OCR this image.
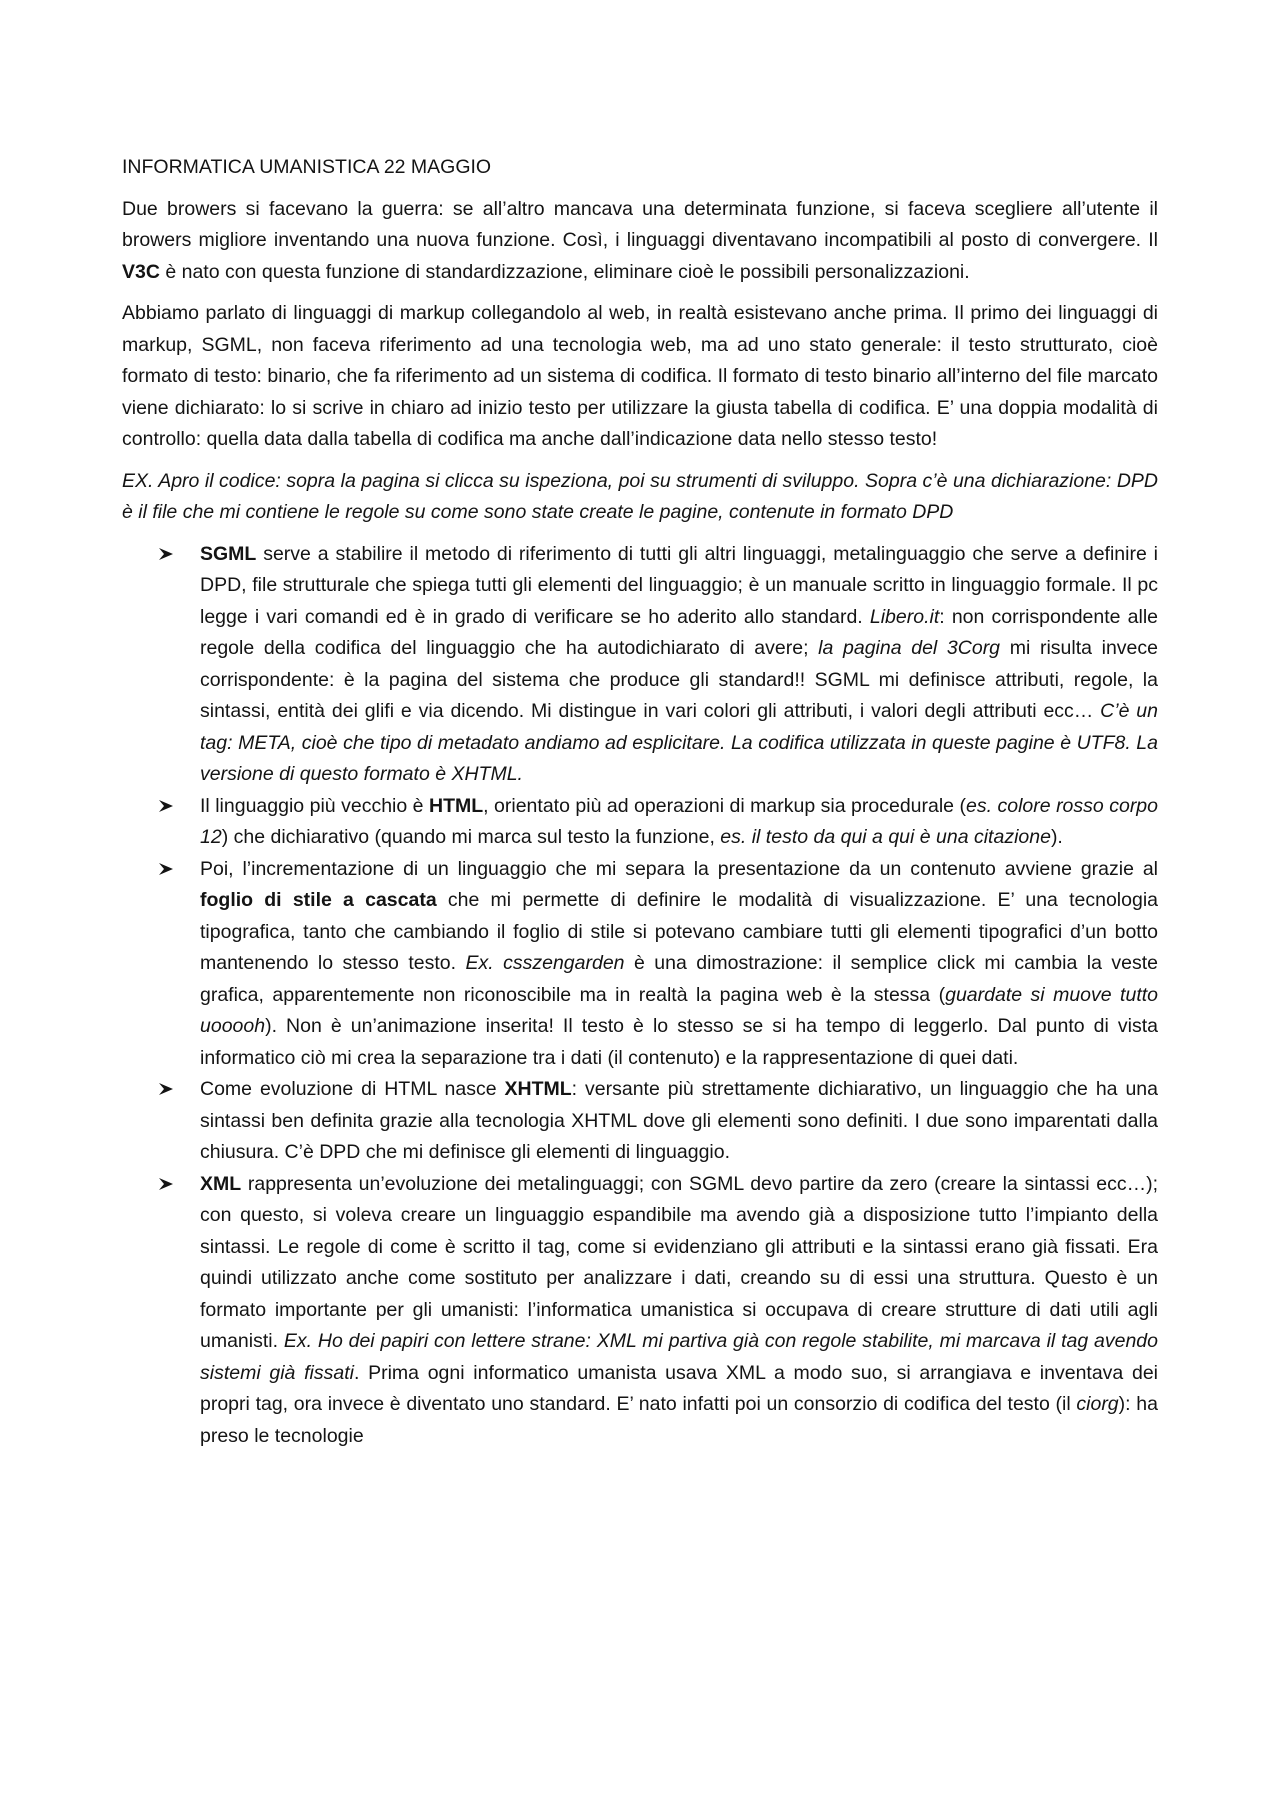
INFORMATICA UMANISTICA 22 MAGGIO

Due browers si facevano la guerra: se all’altro mancava una determinata funzione, si faceva scegliere all’utente il browers migliore inventando una nuova funzione. Così, i linguaggi diventavano incompatibili al posto di convergere. Il V3C è nato con questa funzione di standardizzazione, eliminare cioè le possibili personalizzazioni.

Abbiamo parlato di linguaggi di markup collegandolo al web, in realtà esistevano anche prima. Il primo dei linguaggi di markup, SGML, non faceva riferimento ad una tecnologia web, ma ad uno stato generale: il testo strutturato, cioè formato di testo: binario, che fa riferimento ad un sistema di codifica. Il formato di testo binario all’interno del file marcato viene dichiarato: lo si scrive in chiaro ad inizio testo per utilizzare la giusta tabella di codifica. E’ una doppia modalità di controllo: quella data dalla tabella di codifica ma anche dall’indicazione data nello stesso testo!

EX. Apro il codice: sopra la pagina si clicca su ispeziona, poi su strumenti di sviluppo. Sopra c’è una dichiarazione: DPD è il file che mi contiene le regole su come sono state create le pagine, contenute in formato DPD

SGML serve a stabilire il metodo di riferimento di tutti gli altri linguaggi, metalinguaggio che serve a definire i DPD, file strutturale che spiega tutti gli elementi del linguaggio; è un manuale scritto in linguaggio formale. Il pc legge i vari comandi ed è in grado di verificare se ho aderito allo standard. Libero.it: non corrispondente alle regole della codifica del linguaggio che ha autodichiarato di avere; la pagina del 3Corg mi risulta invece corrispondente: è la pagina del sistema che produce gli standard!! SGML mi definisce attributi, regole, la sintassi, entità dei glifi e via dicendo. Mi distingue in vari colori gli attributi, i valori degli attributi ecc… C’è un tag: META, cioè che tipo di metadato andiamo ad esplicitare. La codifica utilizzata in queste pagine è UTF8. La versione di questo formato è XHTML.
Il linguaggio più vecchio è HTML, orientato più ad operazioni di markup sia procedurale (es. colore rosso corpo 12) che dichiarativo (quando mi marca sul testo la funzione, es. il testo da qui a qui è una citazione).
Poi, l’incrementazione di un linguaggio che mi separa la presentazione da un contenuto avviene grazie al foglio di stile a cascata che mi permette di definire le modalità di visualizzazione. E’ una tecnologia tipografica, tanto che cambiando il foglio di stile si potevano cambiare tutti gli elementi tipografici d’un botto mantenendo lo stesso testo. Ex. csszengarden è una dimostrazione: il semplice click mi cambia la veste grafica, apparentemente non riconoscibile ma in realtà la pagina web è la stessa (guardate si muove tutto uooooh). Non è un’animazione inserita! Il testo è lo stesso se si ha tempo di leggerlo. Dal punto di vista informatico ciò mi crea la separazione tra i dati (il contenuto) e la rappresentazione di quei dati.
Come evoluzione di HTML nasce XHTML: versante più strettamente dichiarativo, un linguaggio che ha una sintassi ben definita grazie alla tecnologia XHTML dove gli elementi sono definiti. I due sono imparentati dalla chiusura. C’è DPD che mi definisce gli elementi di linguaggio.
XML rappresenta un’evoluzione dei metalinguaggi; con SGML devo partire da zero (creare la sintassi ecc…); con questo, si voleva creare un linguaggio espandibile ma avendo già a disposizione tutto l’impianto della sintassi. Le regole di come è scritto il tag, come si evidenziano gli attributi e la sintassi erano già fissati. Era quindi utilizzato anche come sostituto per analizzare i dati, creando su di essi una struttura. Questo è un formato importante per gli umanisti: l’informatica umanistica si occupava di creare strutture di dati utili agli umanisti. Ex. Ho dei papiri con lettere strane: XML mi partiva già con regole stabilite, mi marcava il tag avendo sistemi già fissati. Prima ogni informatico umanista usava XML a modo suo, si arrangiava e inventava dei propri tag, ora invece è diventato uno standard. E’ nato infatti poi un consorzio di codifica del testo (il ciorg): ha preso le tecnologie
